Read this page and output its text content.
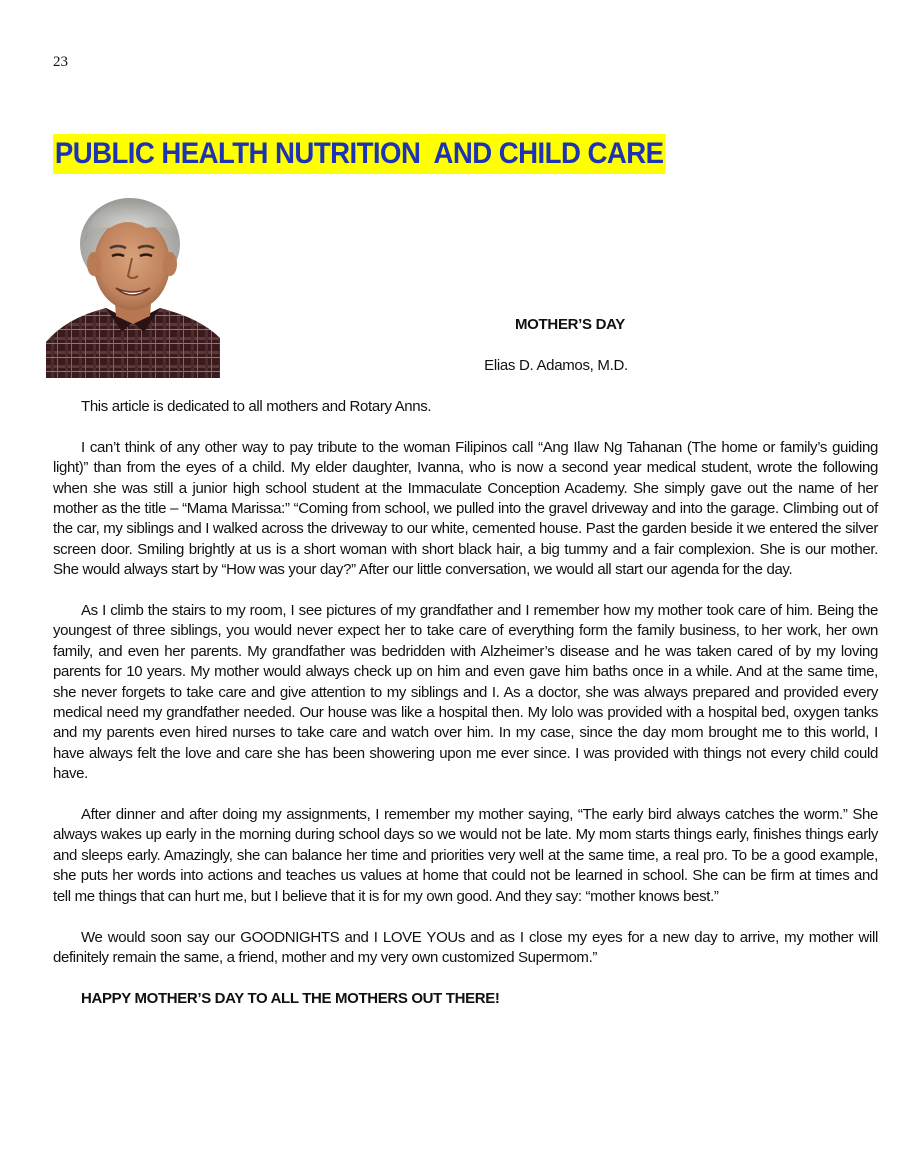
23
PUBLIC HEALTH NUTRITION  AND CHILD CARE
MOTHER’S DAY
Elias D. Adamos, M.D.

This article is dedicated to all mothers and Rotary Anns.

I can’t think of any other way to pay tribute to the woman Filipinos call “Ang Ilaw Ng Tahanan (The home or family’s guiding light)” than from the eyes of a child. My elder daughter, Ivanna, who is now a second year medical student, wrote the following when she was still a junior high school student at the Immaculate Conception Academy. She simply gave out the name of her mother as the title – “Mama Marissa:” “Coming from school, we pulled into the gravel driveway and into the garage. Climbing out of the car, my siblings and I walked across the driveway to our white, cemented house. Past the garden beside it we entered the silver screen door. Smiling brightly at us is a short woman with short black hair, a big tummy and a fair complexion. She is our mother. She would always start by “How was your day?” After our little conversation, we would all start our agenda for the day.

As I climb the stairs to my room, I see pictures of my grandfather and I remember how my mother took care of him. Being the youngest of three siblings, you would never expect her to take care of everything form the family business, to her work, her own family, and even her parents. My grandfather was bedridden with Alzheimer’s disease and he was taken cared of by my loving parents for 10 years. My mother would always check up on him and even gave him baths once in a while. And at the same time, she never forgets to take care and give attention to my siblings and I. As a doctor, she was always prepared and provided every medical need my grandfather needed. Our house was like a hospital then. My lolo was provided with a hospital bed, oxygen tanks and my parents even hired nurses to take care and watch over him. In my case, since the day mom brought me to this world, I have always felt the love and care she has been showering upon me ever since. I was provided with things not every child could have.

After dinner and after doing my assignments, I remember my mother saying, “The early bird always catches the worm.” She always wakes up early in the morning during school days so we would not be late. My mom starts things early, finishes things early and sleeps early. Amazingly, she can balance her time and priorities very well at the same time, a real pro. To be a good example, she puts her words into actions and teaches us values at home that could not be learned in school. She can be firm at times and tell me things that can hurt me, but I believe that it is for my own good. And they say: “mother knows best.”

We would soon say our GOODNIGHTS and I LOVE YOUs and as I close my eyes for a new day to arrive, my mother will definitely remain the same, a friend, mother and my very own customized Supermom.”

HAPPY MOTHER’S DAY TO ALL THE MOTHERS OUT THERE!
